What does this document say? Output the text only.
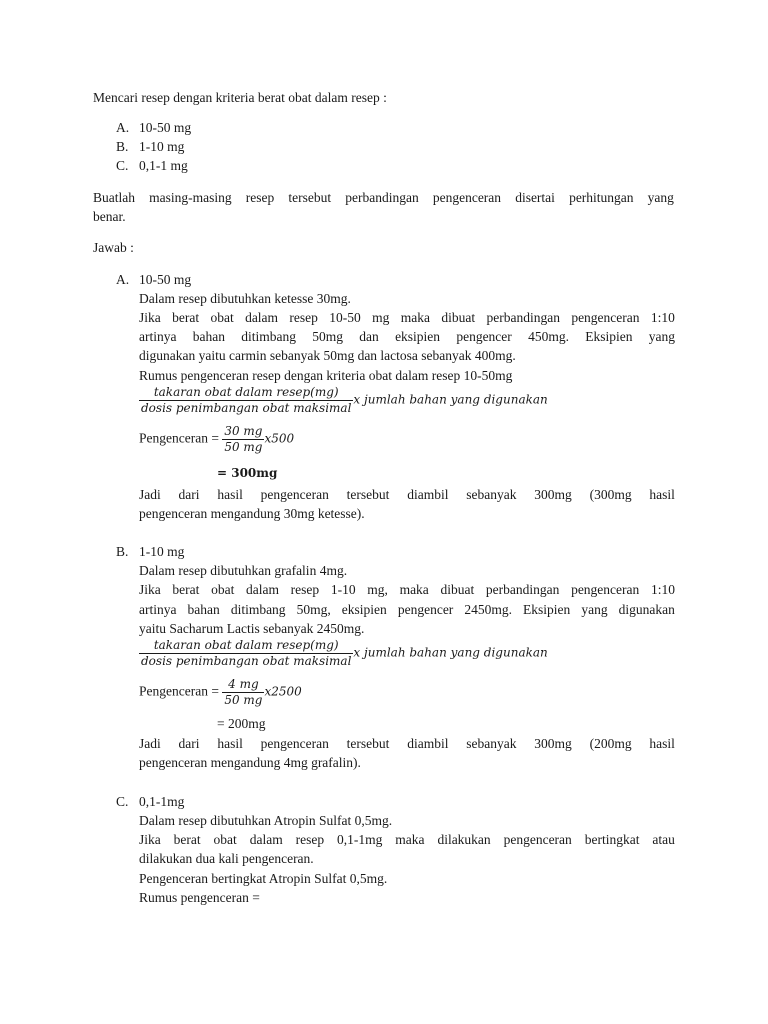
Mencari resep dengan kriteria berat obat dalam resep :
A. 10-50 mg
B. 1-10 mg
C. 0,1-1 mg
Buatlah masing-masing resep tersebut perbandingan pengenceran disertai perhitungan yang
benar.
Jawab :
A. 10-50 mg
Dalam resep dibutuhkan ketesse 30mg.
Jika berat obat dalam resep 10-50 mg maka dibuat perbandingan pengenceran 1:10
artinya bahan ditimbang 50mg dan eksipien pengencer 450mg. Eksipien yang
digunakan yaitu carmin sebanyak 50mg dan lactosa sebanyak 400mg.
Rumus pengenceran resep dengan kriteria obat dalam resep 10-50mg
$\frac{\text{takaran obat dalam resep(mg)}}{\text{dosis penimbangan obat maksimal}}$ x jumlah bahan yang digunakan
Pengenceran = $\frac{30 mg}{50 mg} x500$
= 300mg
Jadi dari hasil pengenceran tersebut diambil sebanyak 300mg (300mg hasil
pengenceran mengandung 30mg ketesse).
B. 1-10 mg
Dalam resep dibutuhkan grafalin 4mg.
Jika berat obat dalam resep 1-10 mg, maka dibuat perbandingan pengenceran 1:10
artinya bahan ditimbang 50mg, eksipien pengencer 2450mg. Eksipien yang digunakan
yaitu Sacharum Lactis sebanyak 2450mg.
$\frac{\text{takaran obat dalam resep(mg)}}{\text{dosis penimbangan obat maksimal}}$ x jumlah bahan yang digunakan
Pengenceran = $\frac{4 mg}{50 mg} x2500$
= 200mg
Jadi dari hasil pengenceran tersebut diambil sebanyak 300mg (200mg hasil
pengenceran mengandung 4mg grafalin).
C. 0,1-1mg
Dalam resep dibutuhkan Atropin Sulfat 0,5mg.
Jika berat obat dalam resep 0,1-1mg maka dilakukan pengenceran bertingkat atau
dilakukan dua kali pengenceran.
Pengenceran bertingkat Atropin Sulfat 0,5mg.
Rumus pengenceran =
